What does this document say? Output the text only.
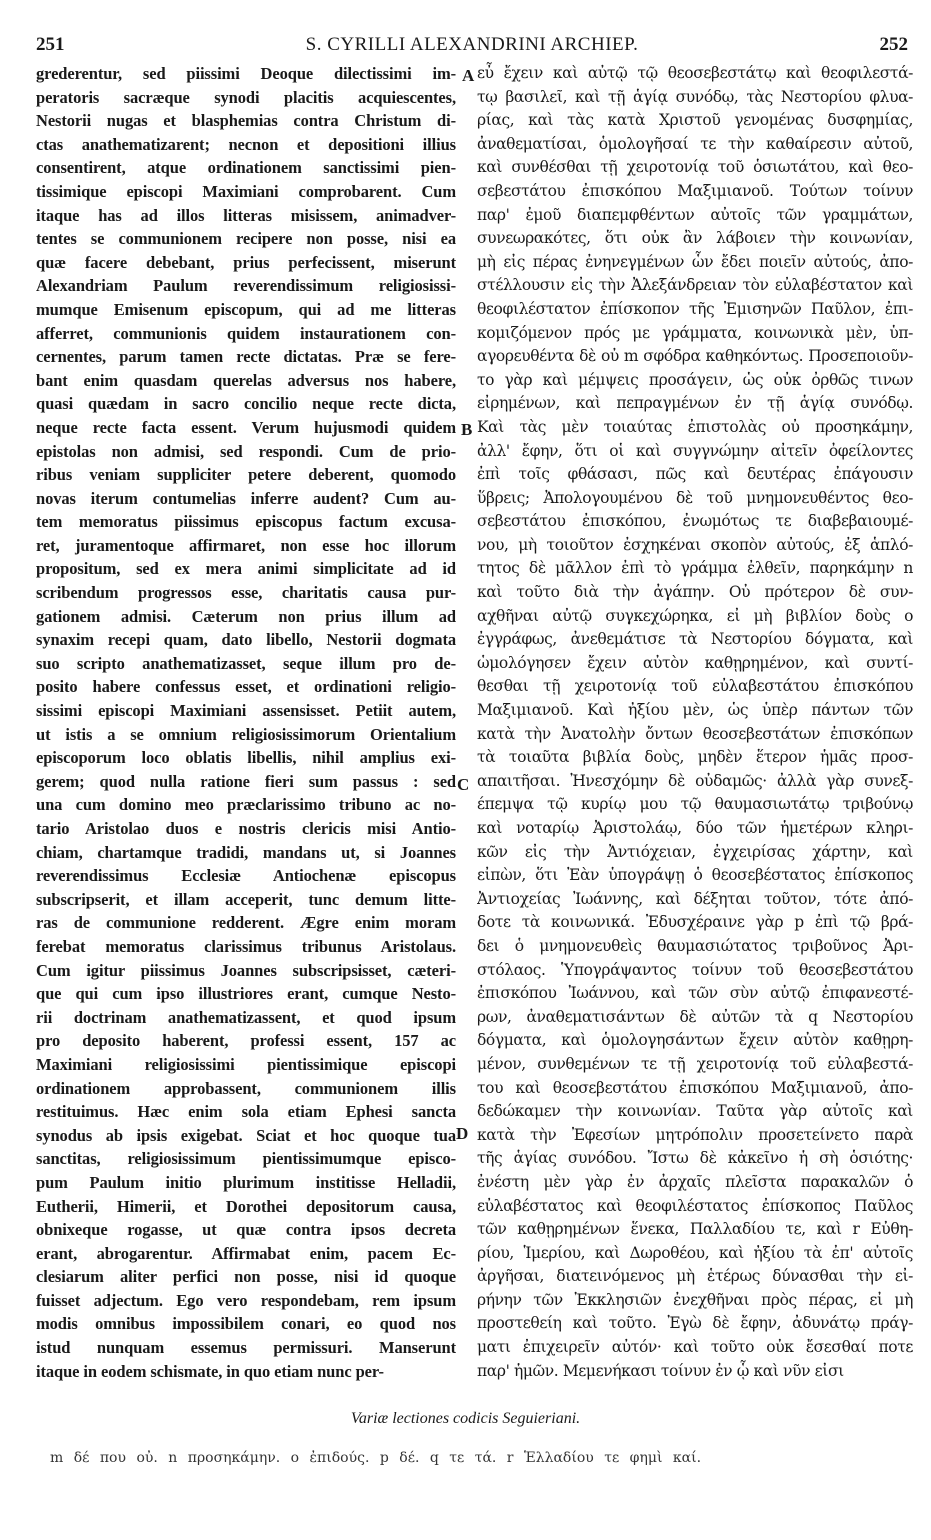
251	S. CYRILLI ALEXANDRINI ARCHIEP.	252
grederentur, sed piissimi Deoque dilectissimi im-
peratoris sacræque synodi placitis acquiescentes,
Nestorii nugas et blasphemias contra Christum di-
ctas anathematizarent; necnon et depositioni illius
consentirent, atque ordinationem sanctissimi pien-
tissimique episcopi Maximiani comprobarent. Cum
itaque has ad illos litteras misissem, animadver-
tentes se communionem recipere non posse, nisi ea
quæ facere debebant, prius perfecissent, miserunt
Alexandriam Paulum reverendissimum religiosissi-
mumque Emisenum episcopum, qui ad me litteras
afferret, communionis quidem instaurationem con-
cernentes, parum tamen recte dictatas. Præ se fere-
bant enim quasdam querelas adversus nos habere,
quasi quædam in sacro concilio neque recte dicta,
neque recte facta essent. Verum hujusmodi quidem
epistolas non admisi, sed respondi. Cum de prio-
ribus veniam suppliciter petere deberent, quomodo
novas iterum contumelias inferre audent? Cum au-
tem memoratus piissimus episcopus factum excusa-
ret, juramentoque affirmaret, non esse hoc illorum
propositum, sed ex mera animi simplicitate ad id
scribendum progressos esse, charitatis causa pur-
gationem admisi. Cæterum non prius illum ad
synaxim recepi quam, dato libello, Nestorii dogmata
suo scripto anathematizasset, seque illum pro de-
posito habere confessus esset, et ordinationi religio-
sissimi episcopi Maximiani assensisset. Petiit autem,
ut istis a se omnium religiosissimorum Orientalium
episcoporum loco oblatis libellis, nihil amplius exi-
gerem; quod nulla ratione fieri sum passus : sed
una cum domino meo præclarissimo tribuno ac no-
tario Aristolao duos e nostris clericis misi Antio-
chiam, chartamque tradidi, mandans ut, si Joannes
reverendissimus Ecclesiæ Antiochenæ episcopus
subscripserit, et illam acceperit, tunc demum litte-
ras de communione redderent. Ægre enim moram
ferebat memoratus clarissimus tribunus Aristolaus.
Cum igitur piissimus Joannes subscripsisset, cæteri-
que qui cum ipso illustriores erant, cumque Nesto-
rii doctrinam anathematizassent, et quod ipsum
pro deposito haberent, professi essent, 157 ac
Maximiani religiosissimi pientissimique episcopi
ordinationem approbassent, communionem illis
restituimus. Hæc enim sola etiam Ephesi sancta
synodus ab ipsis exigebat. Sciat et hoc quoque tua
sanctitas, religiosissimum pientissimumque episco-
pum Paulum initio plurimum institisse Helladii,
Eutherii, Himerii, et Dorothei depositorum causa,
obnixeque rogasse, ut quæ contra ipsos decreta
erant, abrogarentur. Affirmabat enim, pacem Ec-
clesiarum aliter perfici non posse, nisi id quoque
fuisset adjectum. Ego vero respondebam, rem ipsum
modis omnibus impossibilem conari, eo quod nos
istud nunquam essemus permissuri. Manserunt
itaque in eodem schismate, in quo etiam nunc per-
A
B
C
D
εὖ ἔχειν καὶ αὐτῷ τῷ θεοσεβεστάτῳ καὶ θεοφιλεστά-
τῳ βασιλεῖ, καὶ τῇ ἁγίᾳ συνόδῳ, τὰς Νεστορίου φλυα-
ρίας, καὶ τὰς κατὰ Χριστοῦ γενομένας δυσφημίας,
ἀναθεματίσαι, ὁμολογῆσαί τε τὴν καθαίρεσιν αὐτοῦ,
καὶ συνθέσθαι τῇ χειροτονίᾳ τοῦ ὁσιωτάτου, καὶ θεο-
σεβεστάτου ἐπισκόπου Μαξιμιανοῦ. Τούτων τοίνυν
παρ' ἐμοῦ διαπεμφθέντων αὐτοῖς τῶν γραμμάτων,
συνεωρακότες, ὅτι οὐκ ἂν λάβοιεν τὴν κοινωνίαν,
μὴ εἰς πέρας ἐνηνεγμένων ὧν ἔδει ποιεῖν αὐτούς, ἀπο-
στέλλουσιν εἰς τὴν Ἀλεξάνδρειαν τὸν εὐλαβέστατον καὶ
θεοφιλέστατον ἐπίσκοπον τῆς Ἐμισηνῶν Παῦλον, ἐπι-
κομιζόμενον πρός με γράμματα, κοινωνικὰ μὲν, ὑπ-
αγορευθέντα δὲ οὐ m σφόδρα καθηκόντως. Προσεποιοῦν-
το γὰρ καὶ μέμψεις προσάγειν, ὡς οὐκ ὀρθῶς τινων
εἰρημένων, καὶ πεπραγμένων ἐν τῇ ἁγίᾳ συνόδῳ.
Καὶ τὰς μὲν τοιαύτας ἐπιστολὰς οὐ προσηκάμην,
ἀλλ' ἔφην, ὅτι οἱ καὶ συγγνώμην αἰτεῖν ὀφείλοντες
ἐπὶ τοῖς φθάσασι, πῶς καὶ δευτέρας ἐπάγουσιν
ὕβρεις; Ἀπολογουμένου δὲ τοῦ μνημονευθέντος θεο-
σεβεστάτου ἐπισκόπου, ἐνωμότως τε διαβεβαιουμέ-
νου, μὴ τοιοῦτον ἐσχηκέναι σκοπὸν αὐτούς, ἐξ ἁπλό-
τητος δὲ μᾶλλον ἐπὶ τὸ γράμμα ἐλθεῖν, παρηκάμην n
καὶ τοῦτο διὰ τὴν ἀγάπην. Οὐ πρότερον δὲ συν-
αχθῆναι αὐτῷ συγκεχώρηκα, εἰ μὴ βιβλίον δοὺς o
ἐγγράφως, ἀνεθεμάτισε τὰ Νεστορίου δόγματα, καὶ
ὡμολόγησεν ἔχειν αὐτὸν καθῃρημένον, καὶ συντί-
θεσθαι τῇ χειροτονίᾳ τοῦ εὐλαβεστάτου ἐπισκόπου
Μαξιμιανοῦ. Καὶ ἠξίου μὲν, ὡς ὑπὲρ πάντων τῶν
κατὰ τὴν Ἀνατολὴν ὄντων θεοσεβεστάτων ἐπισκόπων
τὰ τοιαῦτα βιβλία δοὺς, μηδὲν ἕτερον ἡμᾶς προσ-
απαιτῆσαι. Ἠνεσχόμην δὲ οὐδαμῶς· ἀλλὰ γὰρ συνεξ-
έπεμψα τῷ κυρίῳ μου τῷ θαυμασιωτάτῳ τριβούνῳ
καὶ νοταρίῳ Ἀριστολάῳ, δύο τῶν ἡμετέρων κληρι-
κῶν εἰς τὴν Ἀντιόχειαν, ἐγχειρίσας χάρτην, καὶ
εἰπὼν, ὅτι Ἐὰν ὑπογράψῃ ὁ θεοσεβέστατος ἐπίσκοπος
Ἀντιοχείας Ἰωάννης, καὶ δέξηται τοῦτον, τότε ἀπό-
δοτε τὰ κοινωνικά. Ἐδυσχέραινε γὰρ p ἐπὶ τῷ βρά-
δει ὁ μνημονευθεὶς θαυμασιώτατος τριβοῦνος Ἀρι-
στόλαος. Ὑπογράψαντος τοίνυν τοῦ θεοσεβεστάτου
ἐπισκόπου Ἰωάννου, καὶ τῶν σὺν αὐτῷ ἐπιφανεστέ-
ρων, ἀναθεματισάντων δὲ αὐτῶν τὰ q Νεστορίου
δόγματα, καὶ ὁμολογησάντων ἔχειν αὐτὸν καθῃρη-
μένον, συνθεμένων τε τῇ χειροτονίᾳ τοῦ εὐλαβεστά-
του καὶ θεοσεβεστάτου ἐπισκόπου Μαξιμιανοῦ, ἀπο-
δεδώκαμεν τὴν κοινωνίαν. Ταῦτα γὰρ αὐτοῖς καὶ
κατὰ τὴν Ἐφεσίων μητρόπολιν προσετείνετο παρὰ
τῆς ἁγίας συνόδου. Ἴστω δὲ κἀκεῖνο ἡ σὴ ὁσιότης·
ἐνέστη μὲν γὰρ ἐν ἀρχαῖς πλεῖστα παρακαλῶν ὁ
εὐλαβέστατος καὶ θεοφιλέστατος ἐπίσκοπος Παῦλος
τῶν καθῃρημένων ἕνεκα, Παλλαδίου τε, καὶ r Εὐθη-
ρίου, Ἱμερίου, καὶ Δωροθέου, καὶ ἠξίου τὰ ἐπ' αὐτοῖς
ἀργῆσαι, διατεινόμενος μὴ ἑτέρως δύνασθαι τὴν εἰ-
ρήνην τῶν Ἐκκλησιῶν ἐνεχθῆναι πρὸς πέρας, εἰ μὴ
προστεθείη καὶ τοῦτο. Ἐγὼ δὲ ἔφην, ἀδυνάτῳ πράγ-
ματι ἐπιχειρεῖν αὐτόν· καὶ τοῦτο οὐκ ἔσεσθαί ποτε
παρ' ἡμῶν. Μεμενήκασι τοίνυν ἐν ᾧ καὶ νῦν εἰσι
Variæ lectiones codicis Seguieriani.
m δέ που οὐ. n προσηκάμην. o ἐπιδούς. p δέ. q τε τά. r Ἑλλαδίου τε φημὶ καί.
